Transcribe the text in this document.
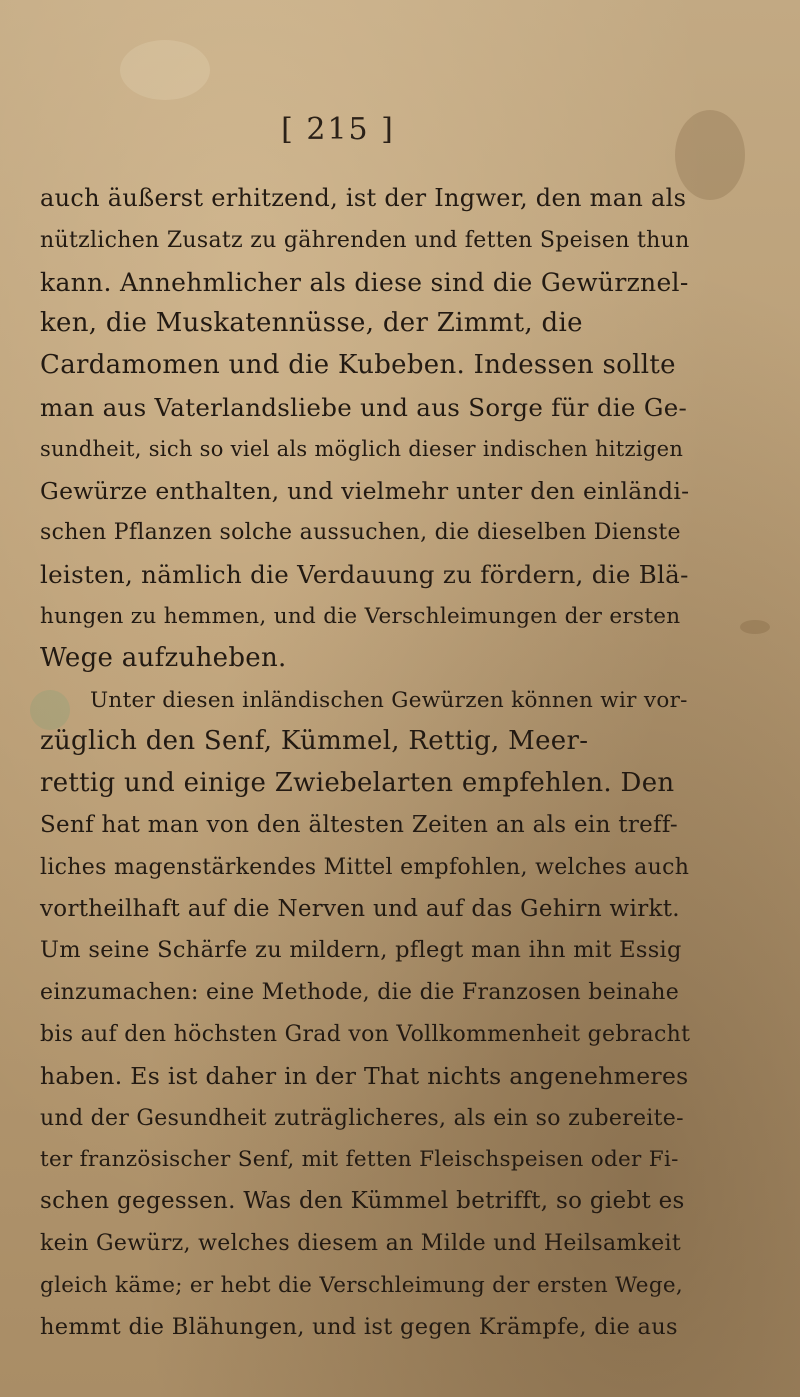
[ 215 ]
auch äußerst erhitzend, ist der Ingwer, den man als
nützlichen Zusatz zu gährenden und fetten Speisen thun
kann. Annehmlicher als diese sind die Gewürznel-
ken, die Muskatennüsse, der Zimmt, die
Cardamomen und die Kubeben. Indessen sollte
man aus Vaterlandsliebe und aus Sorge für die Ge-
sundheit, sich so viel als möglich dieser indischen hitzigen
Gewürze enthalten, und vielmehr unter den einländi-
schen Pflanzen solche aussuchen, die dieselben Dienste
leisten, nämlich die Verdauung zu fördern, die Blä-
hungen zu hemmen, und die Verschleimungen der ersten
Wege aufzuheben.
Unter diesen inländischen Gewürzen können wir vor-
züglich den Senf, Kümmel, Rettig, Meer-
rettig und einige Zwiebelarten empfehlen. Den
Senf hat man von den ältesten Zeiten an als ein treff-
liches magenstärkendes Mittel empfohlen, welches auch
vortheilhaft auf die Nerven und auf das Gehirn wirkt.
Um seine Schärfe zu mildern, pflegt man ihn mit Essig
einzumachen: eine Methode, die die Franzosen beinahe
bis auf den höchsten Grad von Vollkommenheit gebracht
haben. Es ist daher in der That nichts angenehmeres
und der Gesundheit zuträglicheres, als ein so zubereite-
ter französischer Senf, mit fetten Fleischspeisen oder Fi-
schen gegessen. Was den Kümmel betrifft, so giebt es
kein Gewürz, welches diesem an Milde und Heilsamkeit
gleich käme; er hebt die Verschleimung der ersten Wege,
hemmt die Blähungen, und ist gegen Krämpfe, die aus
